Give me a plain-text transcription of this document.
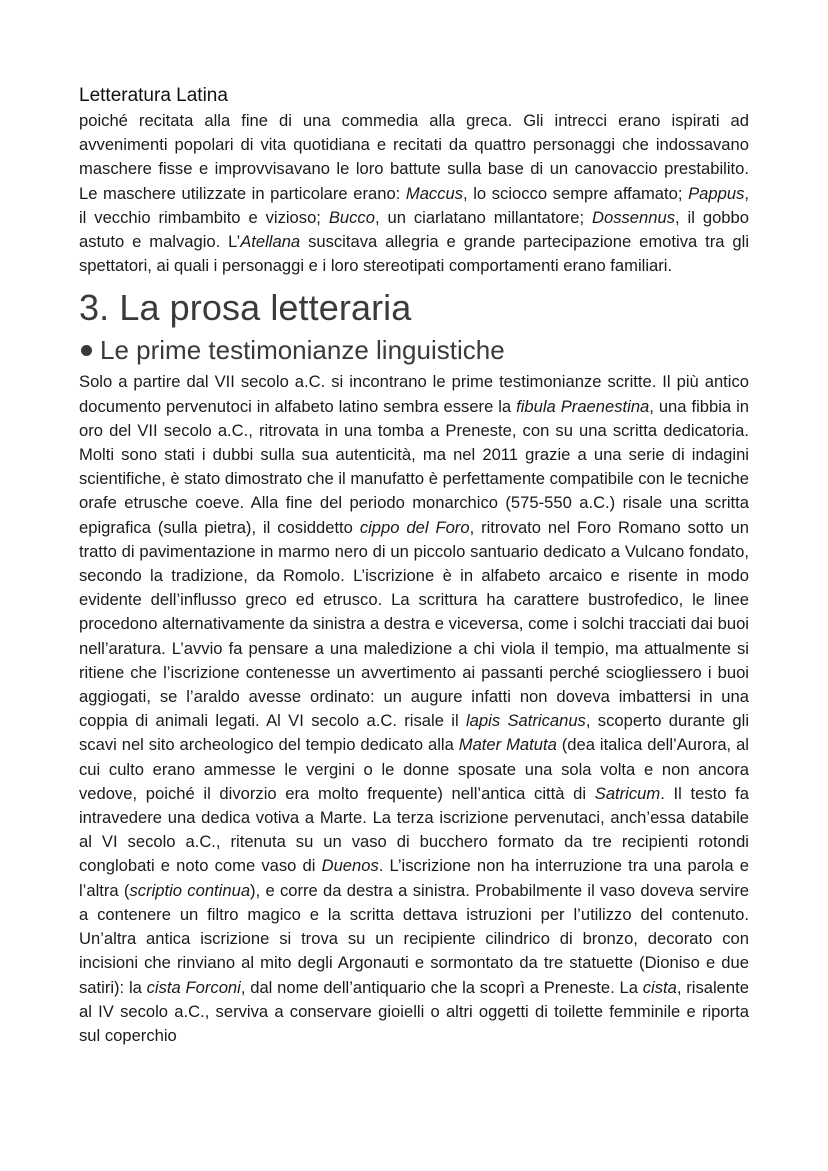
Letteratura Latina

poiché recitata alla fine di una commedia alla greca. Gli intrecci erano ispirati ad avvenimenti popolari di vita quotidiana e recitati da quattro personaggi che indossavano maschere fisse e improvvisavano le loro battute sulla base di un canovaccio prestabilito. Le maschere utilizzate in particolare erano: Maccus, lo sciocco sempre affamato; Pappus, il vecchio rimbambito e vizioso; Bucco, un ciarlatano millantatore; Dossennus, il gobbo astuto e malvagio. L’Atellana suscitava allegria e grande partecipazione emotiva tra gli spettatori, ai quali i personaggi e i loro stereotipati comportamenti erano familiari.

3. La prosa letteraria
Le prime testimonianze linguistiche

Solo a partire dal VII secolo a.C. si incontrano le prime testimonianze scritte. Il più antico documento pervenutoci in alfabeto latino sembra essere la fibula Praenestina, una fibbia in oro del VII secolo a.C., ritrovata in una tomba a Preneste, con su una scritta dedicatoria. Molti sono stati i dubbi sulla sua autenticità, ma nel 2011 grazie a una serie di indagini scientifiche, è stato dimostrato che il manufatto è perfettamente compatibile con le tecniche orafe etrusche coeve. Alla fine del periodo monarchico (575-550 a.C.) risale una scritta epigrafica (sulla pietra), il cosiddetto cippo del Foro, ritrovato nel Foro Romano sotto un tratto di pavimentazione in marmo nero di un piccolo santuario dedicato a Vulcano fondato, secondo la tradizione, da Romolo. L’iscrizione è in alfabeto arcaico e risente in modo evidente dell’influsso greco ed etrusco. La scrittura ha carattere bustrofedico, le linee procedono alternativamente da sinistra a destra e viceversa, come i solchi tracciati dai buoi nell’aratura. L’avvio fa pensare a una maledizione a chi viola il tempio, ma attualmente si ritiene che l’iscrizione contenesse un avvertimento ai passanti perché sciogliessero i buoi aggiogati, se l’araldo avesse ordinato: un augure infatti non doveva imbattersi in una coppia di animali legati. Al VI secolo a.C. risale il lapis Satricanus, scoperto durante gli scavi nel sito archeologico del tempio dedicato alla Mater Matuta (dea italica dell’Aurora, al cui culto erano ammesse le vergini o le donne sposate una sola volta e non ancora vedove, poiché il divorzio era molto frequente) nell’antica città di Satricum. Il testo fa intravedere una dedica votiva a Marte. La terza iscrizione pervenutaci, anch’essa databile al VI secolo a.C., ritenuta su un vaso di bucchero formato da tre recipienti rotondi conglobati e noto come vaso di Duenos. L’iscrizione non ha interruzione tra una parola e l’altra (scriptio continua), e corre da destra a sinistra. Probabilmente il vaso doveva servire a contenere un filtro magico e la scritta dettava istruzioni per l’utilizzo del contenuto. Un’altra antica iscrizione si trova su un recipiente cilindrico di bronzo, decorato con incisioni che rinviano al mito degli Argonauti e sormontato da tre statuette (Dioniso e due satiri): la cista Forconi, dal nome dell’antiquario che la scoprì a Preneste. La cista, risalente al IV secolo a.C., serviva a conservare gioielli o altri oggetti di toilette femminile e riporta sul coperchio
